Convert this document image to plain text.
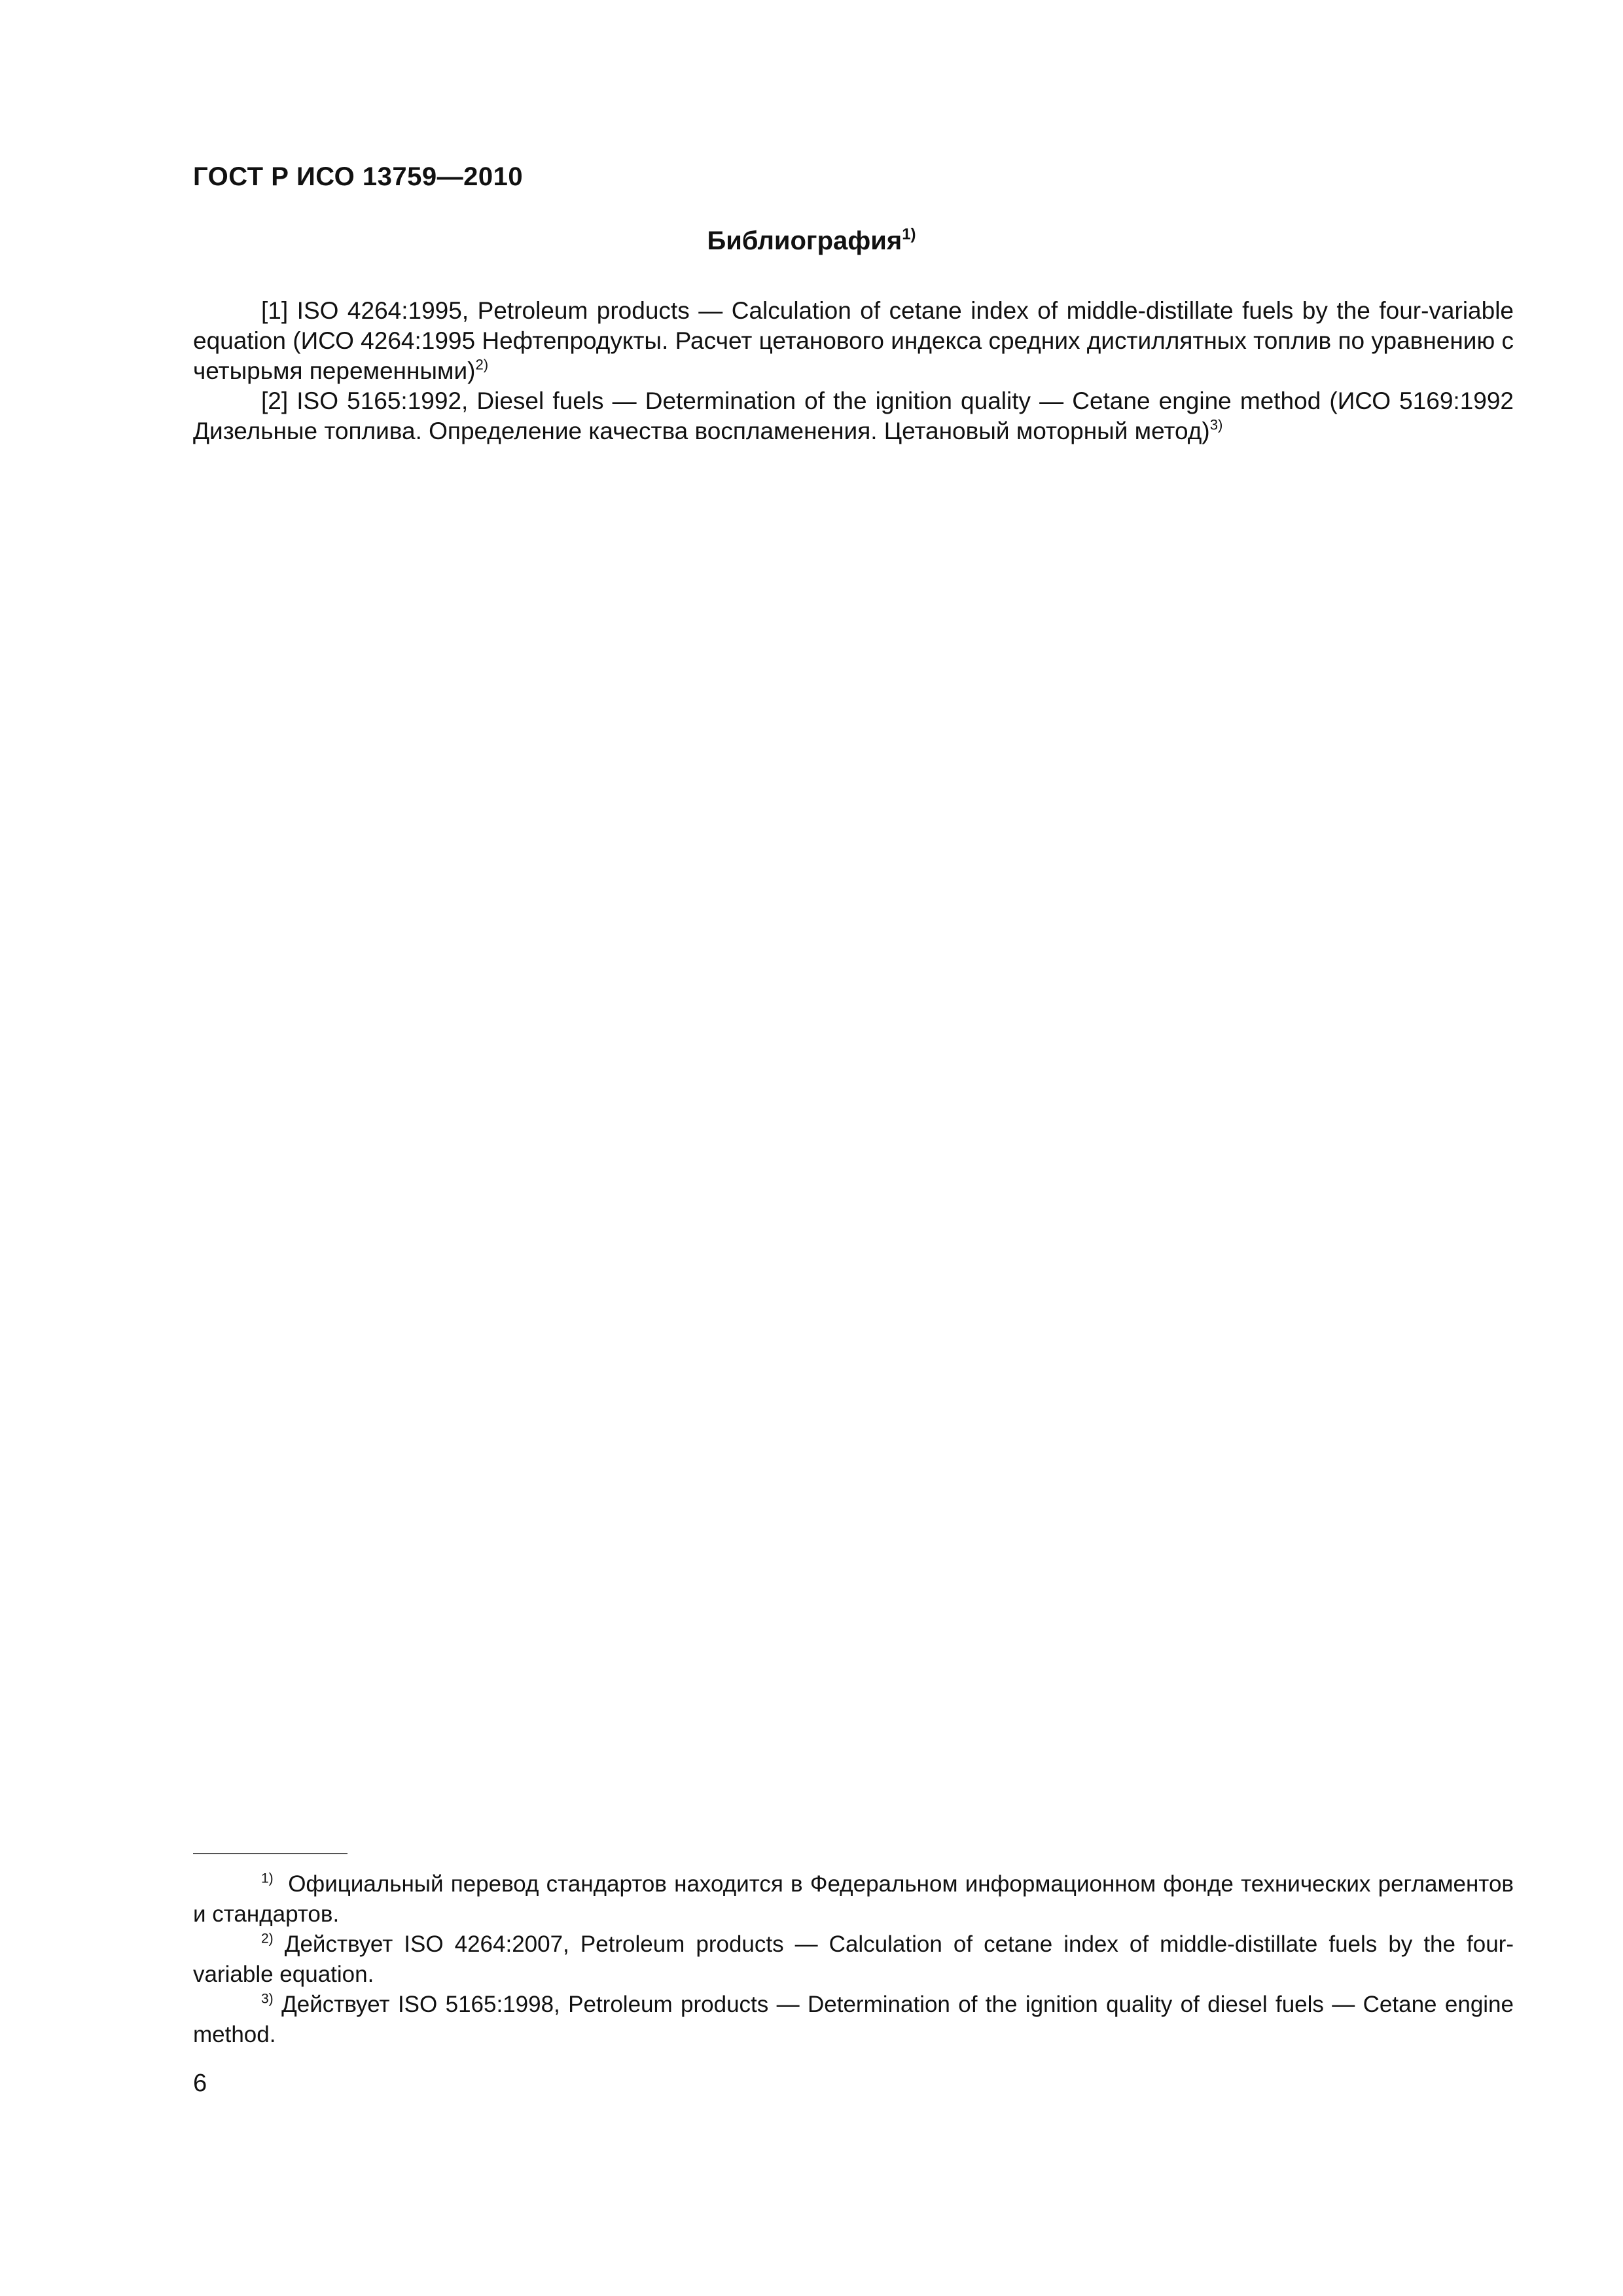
ГОСТ Р ИСО 13759—2010
Библиография$^{1)}$

[1] ISO 4264:1995, Petroleum products — Calculation of cetane index of middle-distillate fuels by the four-variable equation (ИСО 4264:1995 Нефтепродукты. Расчет цетанового индекса средних дистиллятных топлив по уравнению с четырьмя переменными)$^{2)}$

[2] ISO 5165:1992, Diesel fuels — Determination of the ignition quality — Cetane engine method (ИСО 5169:1992 Дизельные топлива. Определение качества воспламенения. Цетановый моторный метод)$^{3)}$

$^{1)}$ Официальный перевод стандартов находится в Федеральном информационном фонде технических регламентов и стандартов.

$^{2)}$ Действует ISO 4264:2007, Petroleum products — Calculation of cetane index of middle-distillate fuels by the four-variable equation.

$^{3)}$ Действует ISO 5165:1998, Petroleum products — Determination of the ignition quality of diesel fuels — Cetane engine method.

6
